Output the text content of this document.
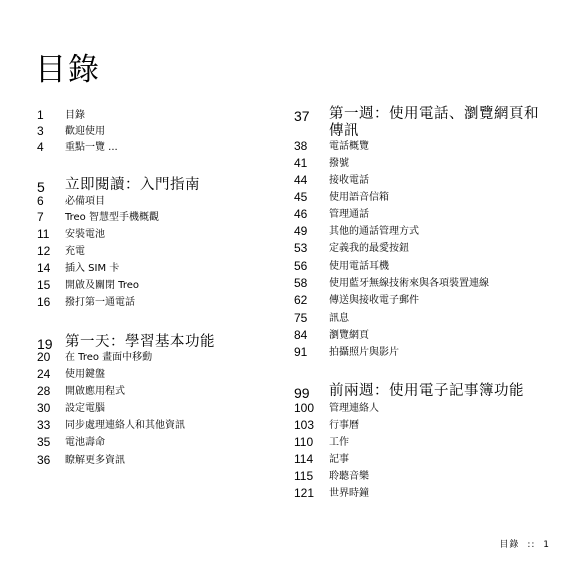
目錄
1 目錄
3 歡迎使用
4 重點一覽 ...
5 立即閱讀：入門指南
6 必備項目
7 Treo 智慧型手機概觀
11 安裝電池
12 充電
14 插入 SIM 卡
15 開啟及關閉 Treo
16 撥打第一通電話
19 第一天：學習基本功能
20 在 Treo 畫面中移動
24 使用鍵盤
28 開啟應用程式
30 設定電腦
33 同步處理連絡人和其他資訊
35 電池壽命
36 瞭解更多資訊
37 第一週：使用電話、瀏覽網頁和
傳訊
38 電話概覽
41 撥號
44 接收電話
45 使用語音信箱
46 管理通話
49 其他的通話管理方式
53 定義我的最愛按鈕
56 使用電話耳機
58 使用藍牙無線技術來與各項裝置連線
62 傳送與接收電子郵件
75 訊息
84 瀏覽網頁
91 拍攝照片與影片
99 前兩週：使用電子記事簿功能
100 管理連絡人
103 行事曆
110 工作
114 記事
115 聆聽音樂
121 世界時鐘
目錄 :: 1
